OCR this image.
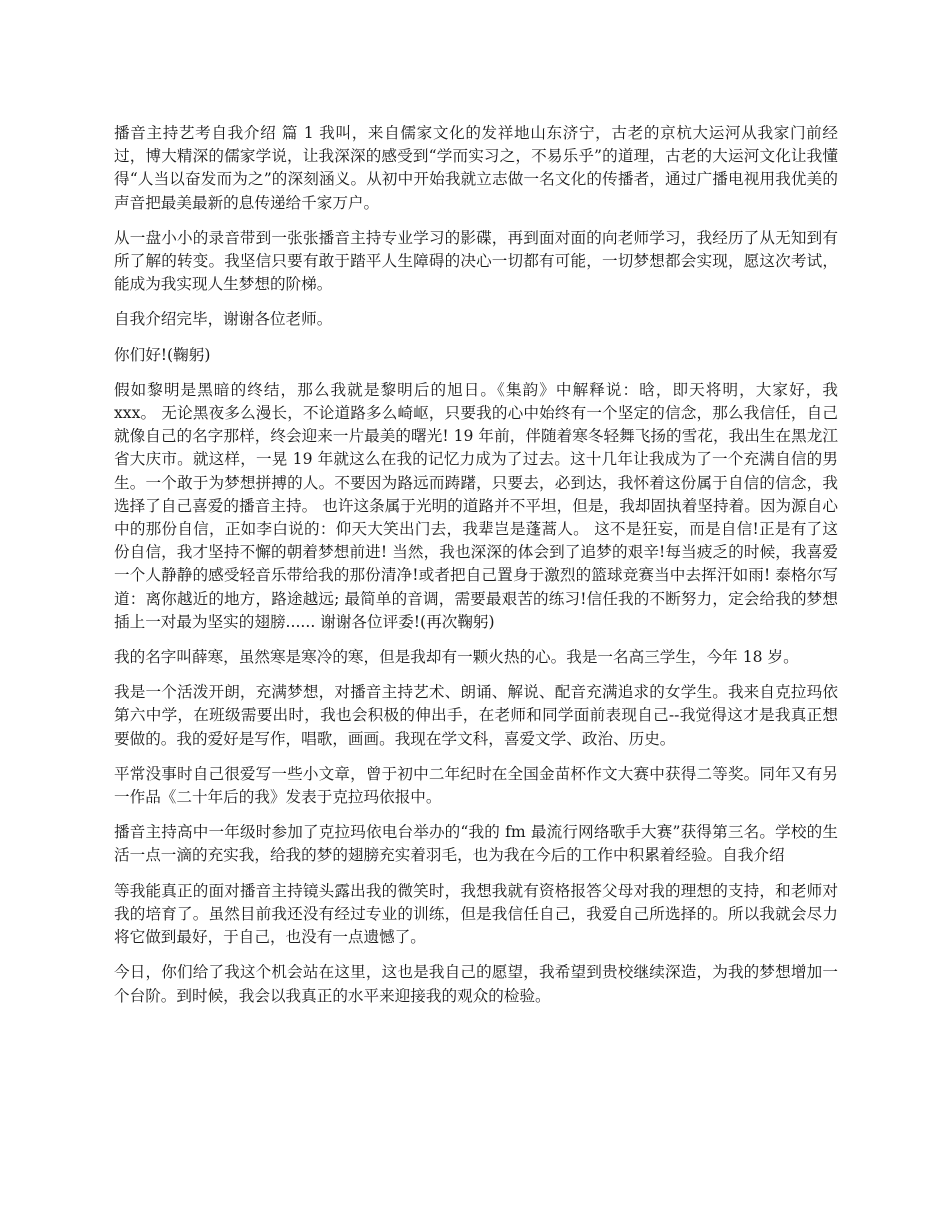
播音主持艺考自我介绍 篇 1 我叫，来自儒家文化的发祥地山东济宁，古老的京杭大运河从我家门前经过，博大精深的儒家学说，让我深深的感受到“学而实习之，不易乐乎”的道理，古老的大运河文化让我懂得“人当以奋发而为之”的深刻涵义。从初中开始我就立志做一名文化的传播者，通过广播电视用我优美的声音把最美最新的息传递给千家万户。

从一盘小小的录音带到一张张播音主持专业学习的影碟，再到面对面的向老师学习，我经历了从无知到有所了解的转变。我坚信只要有敢于踏平人生障碍的决心一切都有可能，一切梦想都会实现，愿这次考试，能成为我实现人生梦想的阶梯。

自我介绍完毕，谢谢各位老师。

你们好!(鞠躬)

假如黎明是黑暗的终结，那么我就是黎明后的旭日。《集韵》中解释说：晗，即天将明，大家好，我 xxx。 无论黑夜多么漫长，不论道路多么崎岖，只要我的心中始终有一个坚定的信念，那么我信任，自己就像自己的名字那样，终会迎来一片最美的曙光! 19 年前，伴随着寒冬轻舞飞扬的雪花，我出生在黑龙江省大庆市。就这样，一晃 19 年就这么在我的记忆力成为了过去。这十几年让我成为了一个充满自信的男生。一个敢于为梦想拼搏的人。不要因为路远而踌躇，只要去，必到达，我怀着这份属于自信的信念，我选择了自己喜爱的播音主持。 也许这条属于光明的道路并不平坦，但是，我却固执着坚持着。因为源自心中的那份自信，正如李白说的：仰天大笑出门去，我辈岂是蓬蒿人。 这不是狂妄，而是自信!正是有了这份自信，我才坚持不懈的朝着梦想前进! 当然，我也深深的体会到了追梦的艰辛!每当疲乏的时候，我喜爱一个人静静的感受轻音乐带给我的那份清净!或者把自己置身于激烈的篮球竞赛当中去挥汗如雨! 泰格尔写道：离你越近的地方，路途越远; 最简单的音调，需要最艰苦的练习!信任我的不断努力，定会给我的梦想插上一对最为坚实的翅膀...... 谢谢各位评委!(再次鞠躬)

我的名字叫薛寒，虽然寒是寒冷的寒，但是我却有一颗火热的心。我是一名高三学生，今年 18 岁。

我是一个活泼开朗，充满梦想，对播音主持艺术、朗诵、解说、配音充满追求的女学生。我来自克拉玛依第六中学，在班级需要出时，我也会积极的伸出手，在老师和同学面前表现自己--我觉得这才是我真正想要做的。我的爱好是写作，唱歌，画画。我现在学文科，喜爱文学、政治、历史。

平常没事时自己很爱写一些小文章，曾于初中二年纪时在全国金苗杯作文大赛中获得二等奖。同年又有另一作品《二十年后的我》发表于克拉玛依报中。

播音主持高中一年级时参加了克拉玛依电台举办的“我的 fm 最流行网络歌手大赛”获得第三名。学校的生活一点一滴的充实我，给我的梦的翅膀充实着羽毛，也为我在今后的工作中积累着经验。自我介绍

等我能真正的面对播音主持镜头露出我的微笑时，我想我就有资格报答父母对我的理想的支持，和老师对我的培育了。虽然目前我还没有经过专业的训练，但是我信任自己，我爱自己所选择的。所以我就会尽力将它做到最好，于自己，也没有一点遗憾了。

今日，你们给了我这个机会站在这里，这也是我自己的愿望，我希望到贵校继续深造，为我的梦想增加一个台阶。到时候，我会以我真正的水平来迎接我的观众的检验。
